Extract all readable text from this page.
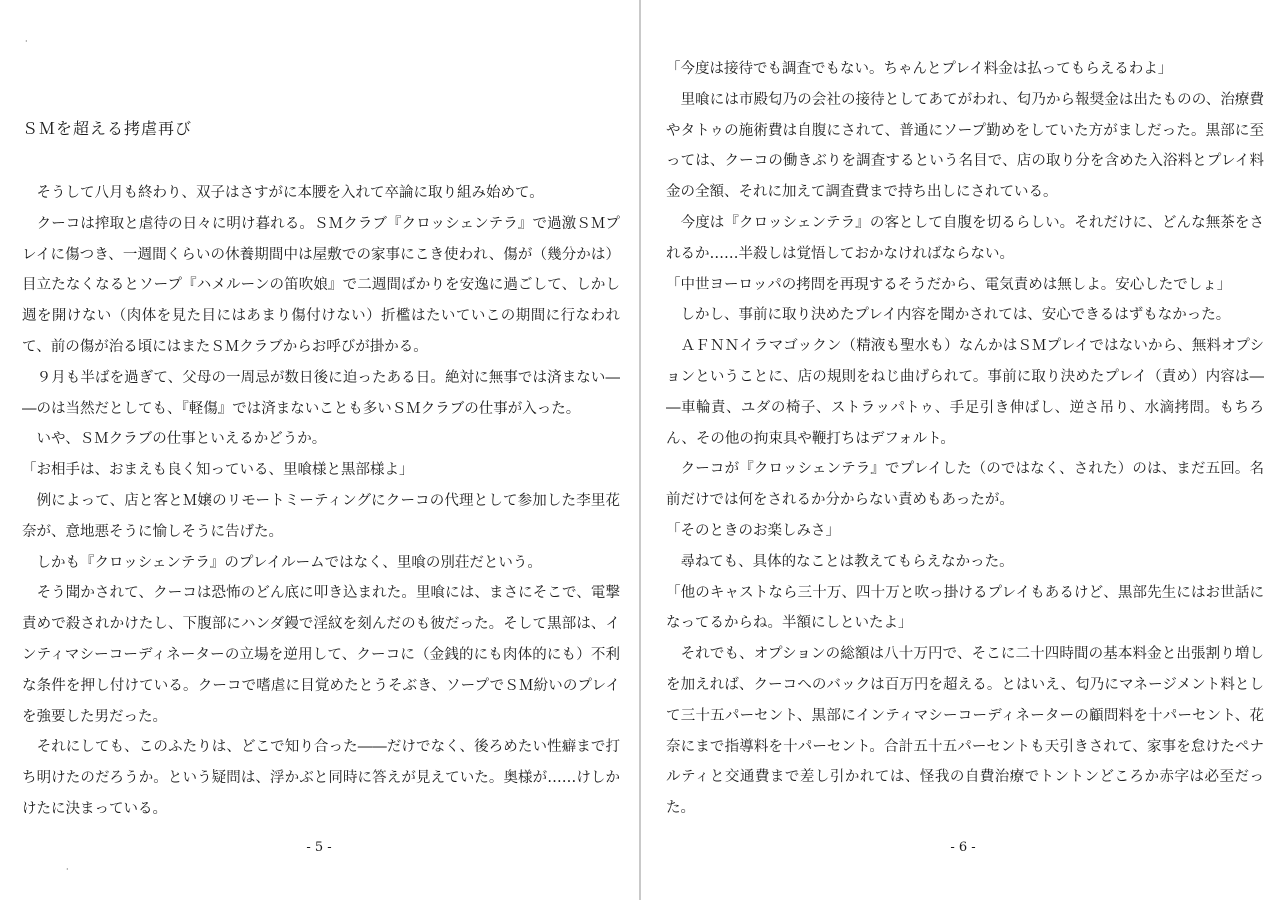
·
·
ＳＭを超える拷虐再び

　そうして八月も終わり、双子はさすがに本腰を入れて卒論に取り組み始めて。

　クーコは搾取と虐待の日々に明け暮れる。ＳＭクラブ『クロッシェンテラ』で過激ＳＭプレイに傷つき、一週間くらいの休養期間中は屋敷での家事にこき使われ、傷が（幾分かは）目立たなくなるとソープ『ハメルーンの笛吹娘』で二週間ばかりを安逸に過ごして、しかし週を開けない（肉体を見た目にはあまり傷付けない）折檻はたいていこの期間に行なわれて、前の傷が治る頃にはまたＳＭクラブからお呼びが掛かる。

　９月も半ばを過ぎて、父母の一周忌が数日後に迫ったある日。絶対に無事では済まない――のは当然だとしても、『軽傷』では済まないことも多いＳＭクラブの仕事が入った。

　いや、ＳＭクラブの仕事といえるかどうか。

「お相手は、おまえも良く知っている、里喰様と黒部様よ」

　例によって、店と客とＭ嬢のリモートミーティングにクーコの代理として参加した李里花奈が、意地悪そうに愉しそうに告げた。

　しかも『クロッシェンテラ』のプレイルームではなく、里喰の別荘だという。

　そう聞かされて、クーコは恐怖のどん底に叩き込まれた。里喰には、まさにそこで、電撃責めで殺されかけたし、下腹部にハンダ鏝で淫紋を刻んだのも彼だった。そして黒部は、インティマシーコーディネーターの立場を逆用して、クーコに（金銭的にも肉体的にも）不利な条件を押し付けている。クーコで嗜虐に目覚めたとうそぶき、ソープでＳＭ紛いのプレイを強要した男だった。

　それにしても、このふたりは、どこで知り合った――だけでなく、後ろめたい性癖まで打ち明けたのだろうか。という疑問は、浮かぶと同時に答えが見えていた。奥様が……けしかけたに決まっている。

- 5 -

「今度は接待でも調査でもない。ちゃんとプレイ料金は払ってもらえるわよ」

　里喰には市殿匂乃の会社の接待としてあてがわれ、匂乃から報奨金は出たものの、治療費やタトゥの施術費は自腹にされて、普通にソープ勤めをしていた方がましだった。黒部に至っては、クーコの働きぶりを調査するという名目で、店の取り分を含めた入浴料とプレイ料金の全額、それに加えて調査費まで持ち出しにされている。

　今度は『クロッシェンテラ』の客として自腹を切るらしい。それだけに、どんな無茶をされるか……半殺しは覚悟しておかなければならない。

「中世ヨーロッパの拷問を再現するそうだから、電気責めは無しよ。安心したでしょ」

　しかし、事前に取り決めたプレイ内容を聞かされては、安心できるはずもなかった。

　ＡＦＮＮイラマゴックン（精液も聖水も）なんかはＳＭプレイではないから、無料オプションということに、店の規則をねじ曲げられて。事前に取り決めたプレイ（責め）内容は――車輪責、ユダの椅子、ストラッパトゥ、手足引き伸ばし、逆さ吊り、水滴拷問。もちろん、その他の拘束具や鞭打ちはデフォルト。

　クーコが『クロッシェンテラ』でプレイした（のではなく、された）のは、まだ五回。名前だけでは何をされるか分からない責めもあったが。

「そのときのお楽しみさ」

　尋ねても、具体的なことは教えてもらえなかった。

「他のキャストなら三十万、四十万と吹っ掛けるプレイもあるけど、黒部先生にはお世話になってるからね。半額にしといたよ」

　それでも、オプションの総額は八十万円で、そこに二十四時間の基本料金と出張割り増しを加えれば、クーコへのバックは百万円を超える。とはいえ、匂乃にマネージメント料として三十五パーセント、黒部にインティマシーコーディネーターの顧問料を十パーセント、花奈にまで指導料を十パーセント。合計五十五パーセントも天引きされて、家事を怠けたペナルティと交通費まで差し引かれては、怪我の自費治療でトントンどころか赤字は必至だった。

- 6 -
